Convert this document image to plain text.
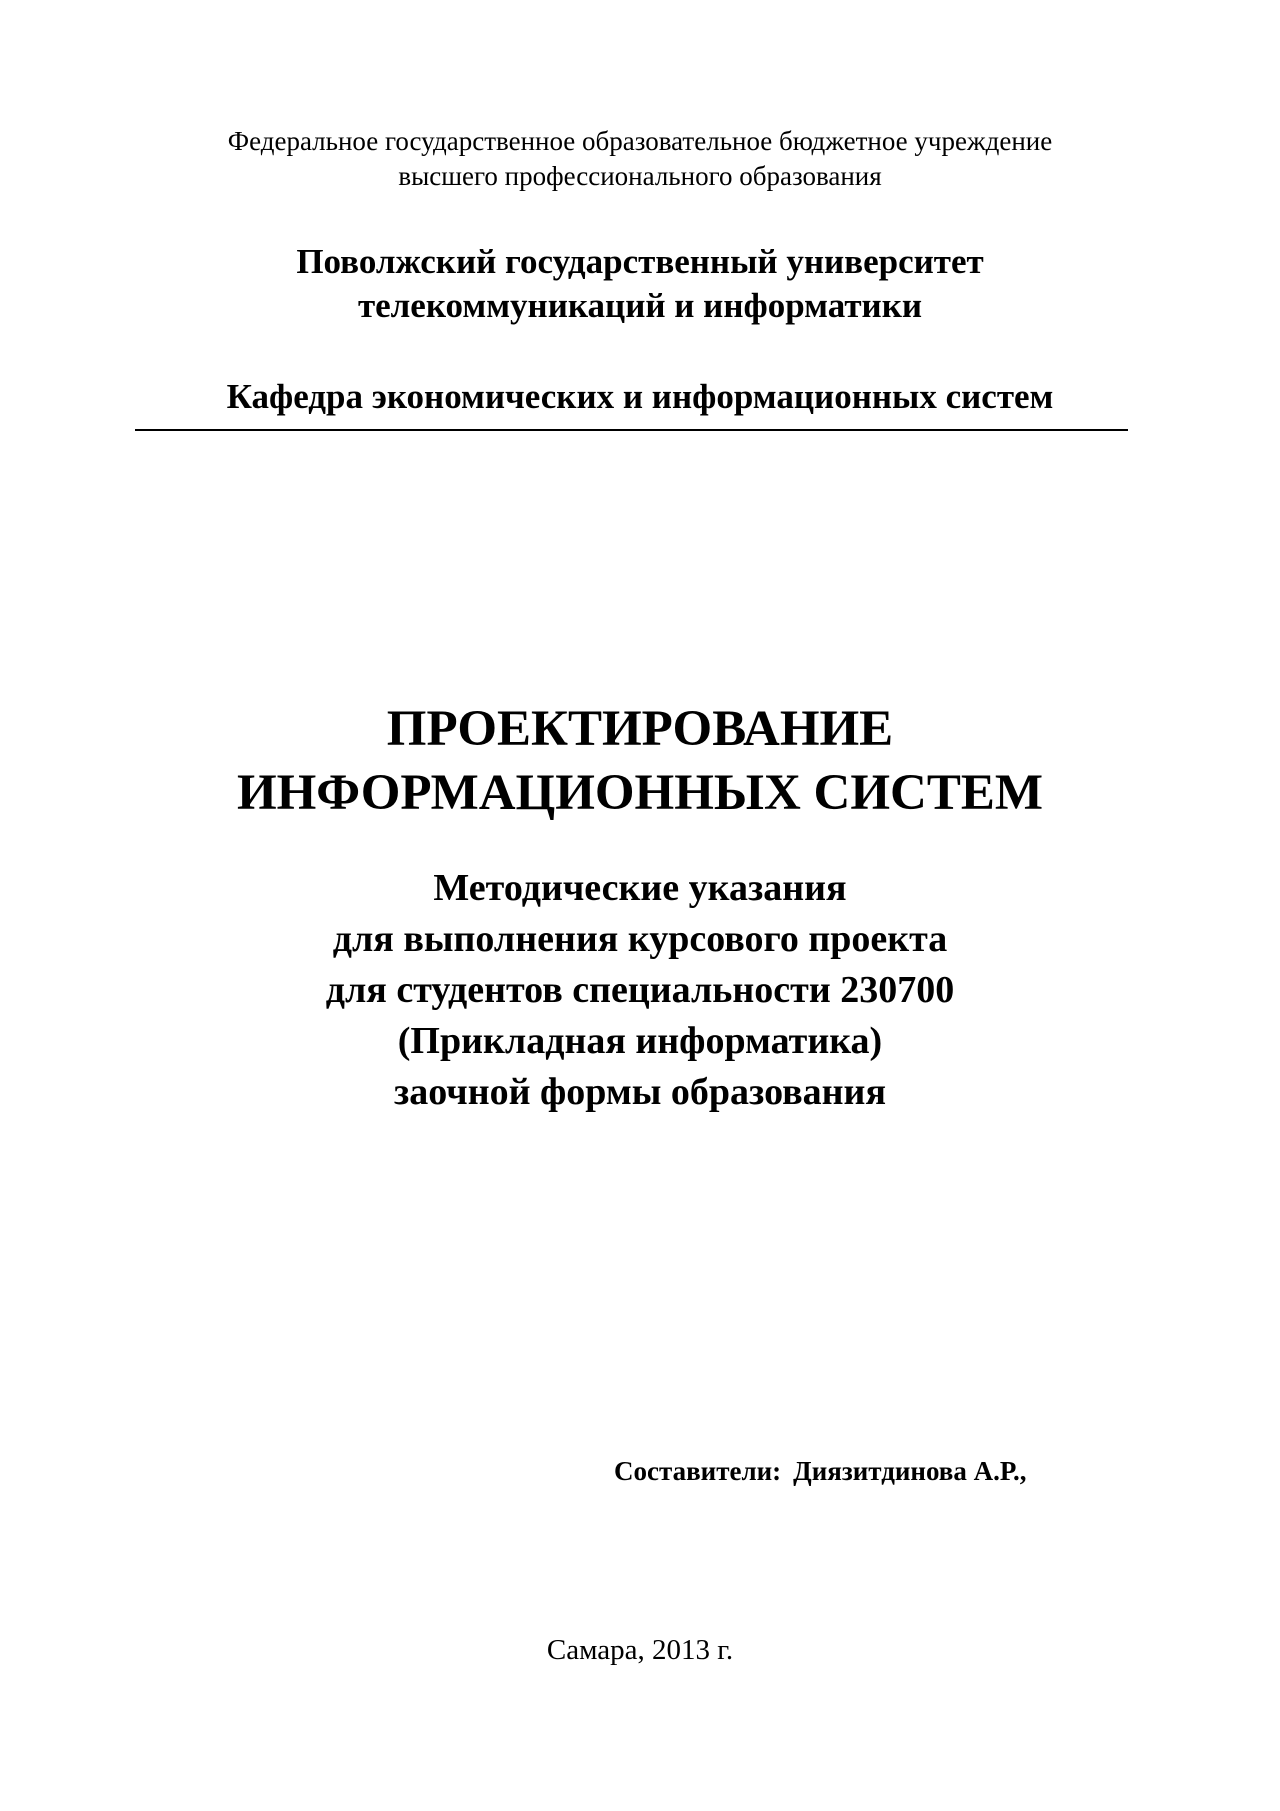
Федеральное государственное образовательное бюджетное учреждение
высшего профессионального образования
Поволжский государственный университет
телекоммуникаций и информатики
Кафедра экономических и информационных систем
ПРОЕКТИРОВАНИЕ
ИНФОРМАЦИОННЫХ СИСТЕМ
Методические указания
для выполнения курсового проекта
для студентов специальности 230700
(Прикладная информатика)
заочной формы образования
Составители: Диязитдинова А.Р.,
Самара, 2013 г.
